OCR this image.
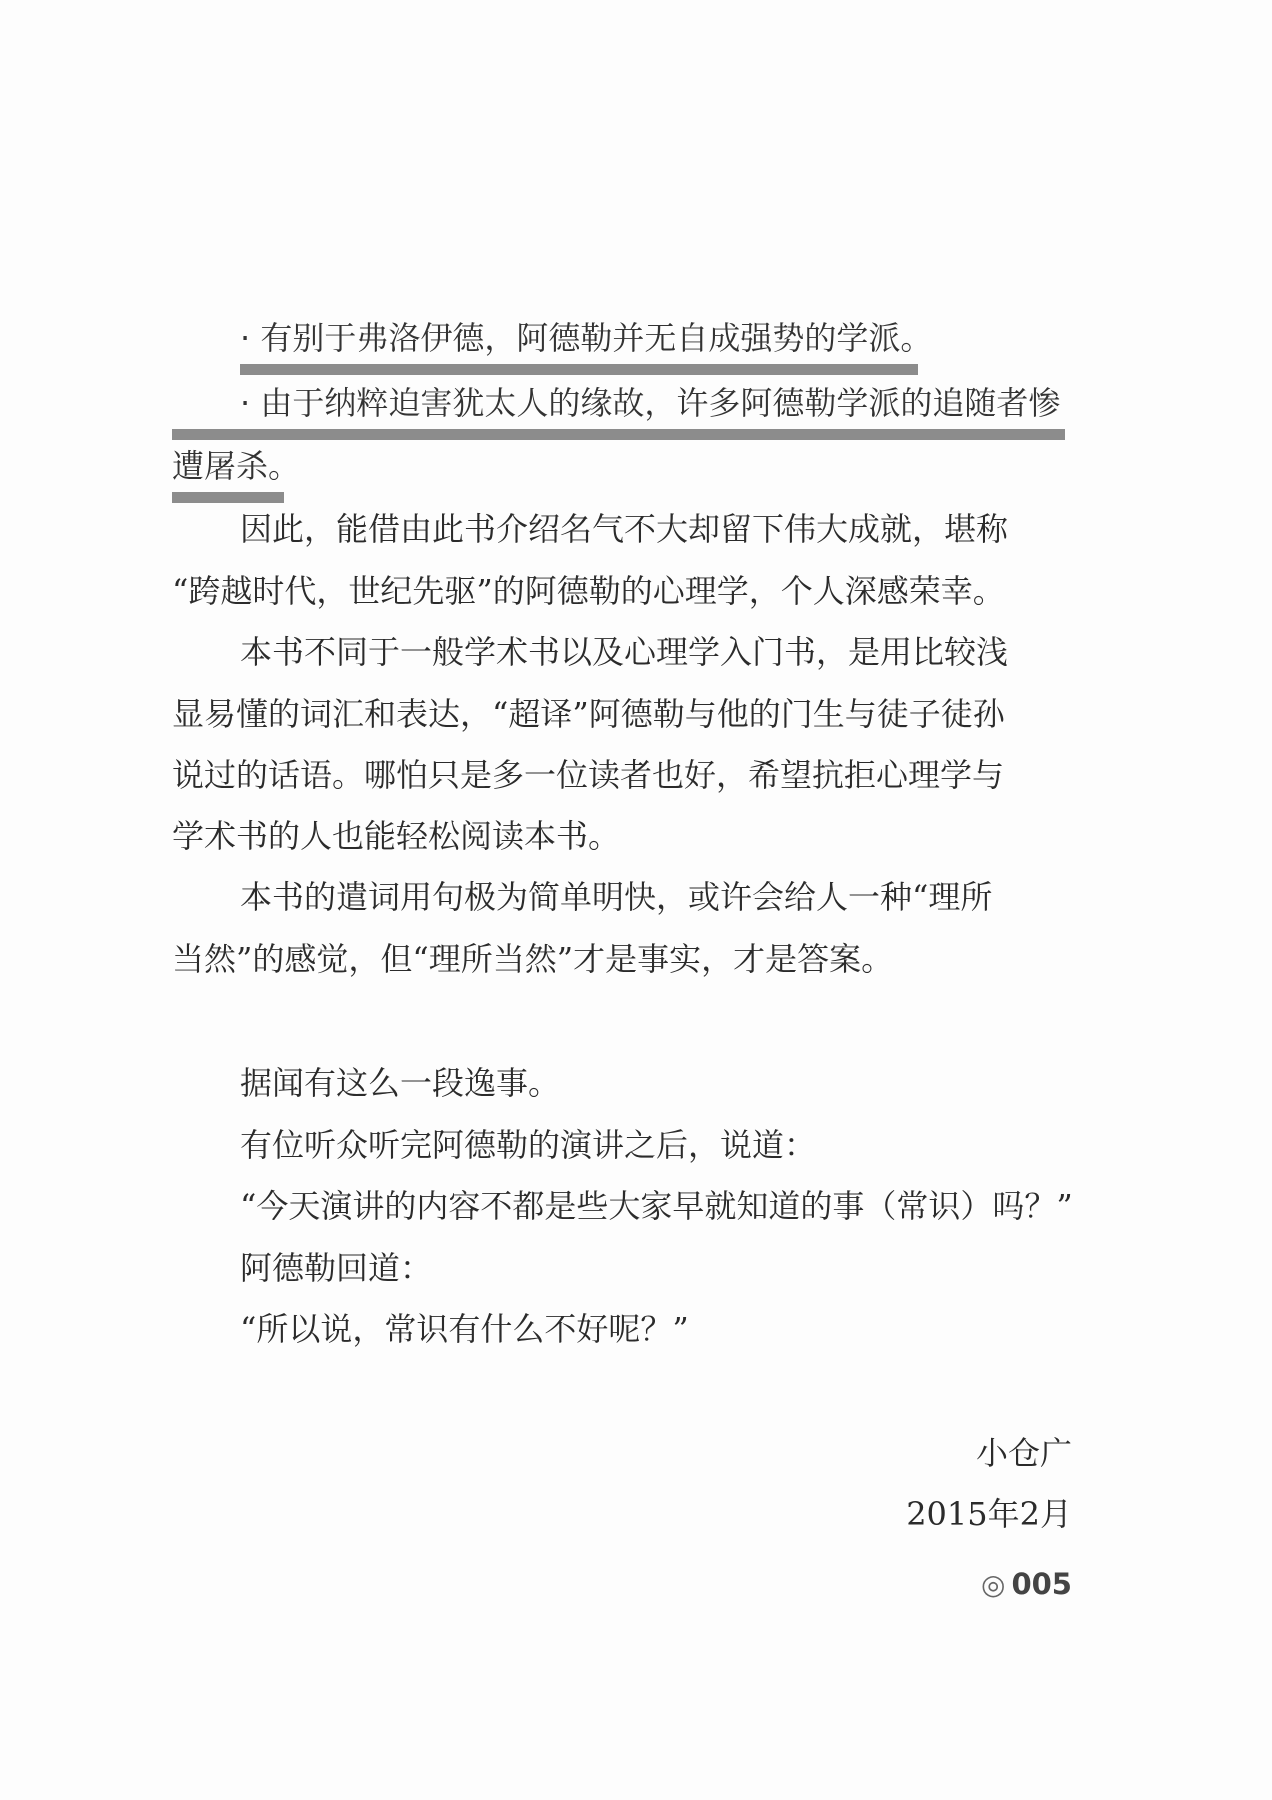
· 有别于弗洛伊德，阿德勒并无自成强势的学派。
· 由于纳粹迫害犹太人的缘故，许多阿德勒学派的追随者惨
遭屠杀。
因此，能借由此书介绍名气不大却留下伟大成就，堪称
“跨越时代，世纪先驱”的阿德勒的心理学，个人深感荣幸。
本书不同于一般学术书以及心理学入门书，是用比较浅
显易懂的词汇和表达，“超译”阿德勒与他的门生与徒子徒孙
说过的话语。哪怕只是多一位读者也好，希望抗拒心理学与
学术书的人也能轻松阅读本书。
本书的遣词用句极为简单明快，或许会给人一种“理所
当然”的感觉，但“理所当然”才是事实，才是答案。
据闻有这么一段逸事。
有位听众听完阿德勒的演讲之后，说道：
“今天演讲的内容不都是些大家早就知道的事（常识）吗？”
阿德勒回道：
“所以说，常识有什么不好呢？”
小仓广
2015年2月
◎ 005
